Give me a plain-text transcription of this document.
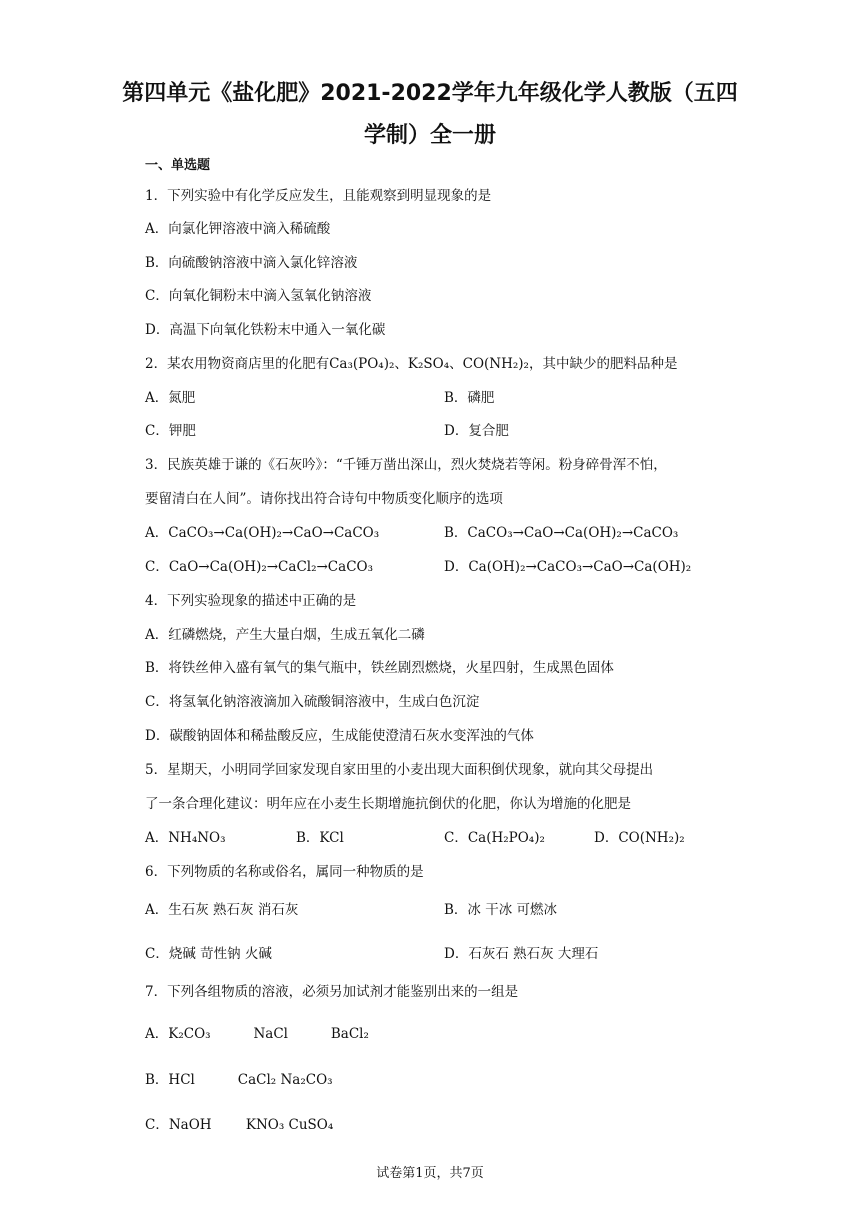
第四单元《盐化肥》2021-2022学年九年级化学人教版（五四
学制）全一册
一、单选题
1．下列实验中有化学反应发生，且能观察到明显现象的是
A．向氯化钾溶液中滴入稀硫酸
B．向硫酸钠溶液中滴入氯化锌溶液
C．向氧化铜粉末中滴入氢氧化钠溶液
D．高温下向氧化铁粉末中通入一氧化碳
2．某农用物资商店里的化肥有Ca₃(PO₄)₂、K₂SO₄、CO(NH₂)₂，其中缺少的肥料品种是
A．氮肥	B．磷肥
C．钾肥	D．复合肥
3．民族英雄于谦的《石灰吟》：“千锤万凿出深山，烈火焚烧若等闲。粉身碎骨浑不怕，
要留清白在人间”。请你找出符合诗句中物质变化顺序的选项
A．CaCO₃→Ca(OH)₂→CaO→CaCO₃	B．CaCO₃→CaO→Ca(OH)₂→CaCO₃
C．CaO→Ca(OH)₂→CaCl₂→CaCO₃	D．Ca(OH)₂→CaCO₃→CaO→Ca(OH)₂
4．下列实验现象的描述中正确的是
A．红磷燃烧，产生大量白烟，生成五氧化二磷
B．将铁丝伸入盛有氧气的集气瓶中，铁丝剧烈燃烧，火星四射，生成黑色固体
C．将氢氧化钠溶液滴加入硫酸铜溶液中，生成白色沉淀
D．碳酸钠固体和稀盐酸反应，生成能使澄清石灰水变浑浊的气体
5．星期天，小明同学回家发现自家田里的小麦出现大面积倒伏现象，就向其父母提出
了一条合理化建议：明年应在小麦生长期增施抗倒伏的化肥，你认为增施的化肥是
A．NH₄NO₃	B．KCl	C．Ca(H₂PO₄)₂	D．CO(NH₂)₂
6．下列物质的名称或俗名，属同一种物质的是
A．生石灰 熟石灰 消石灰	B．冰 干冰 可燃冰
C．烧碱 苛性钠 火碱	D．石灰石 熟石灰 大理石
7．下列各组物质的溶液，必须另加试剂才能鉴别出来的一组是
A．K₂CO₃          NaCl          BaCl₂
B．HCl          CaCl₂ Na₂CO₃
C．NaOH        KNO₃ CuSO₄
试卷第1页，共7页
